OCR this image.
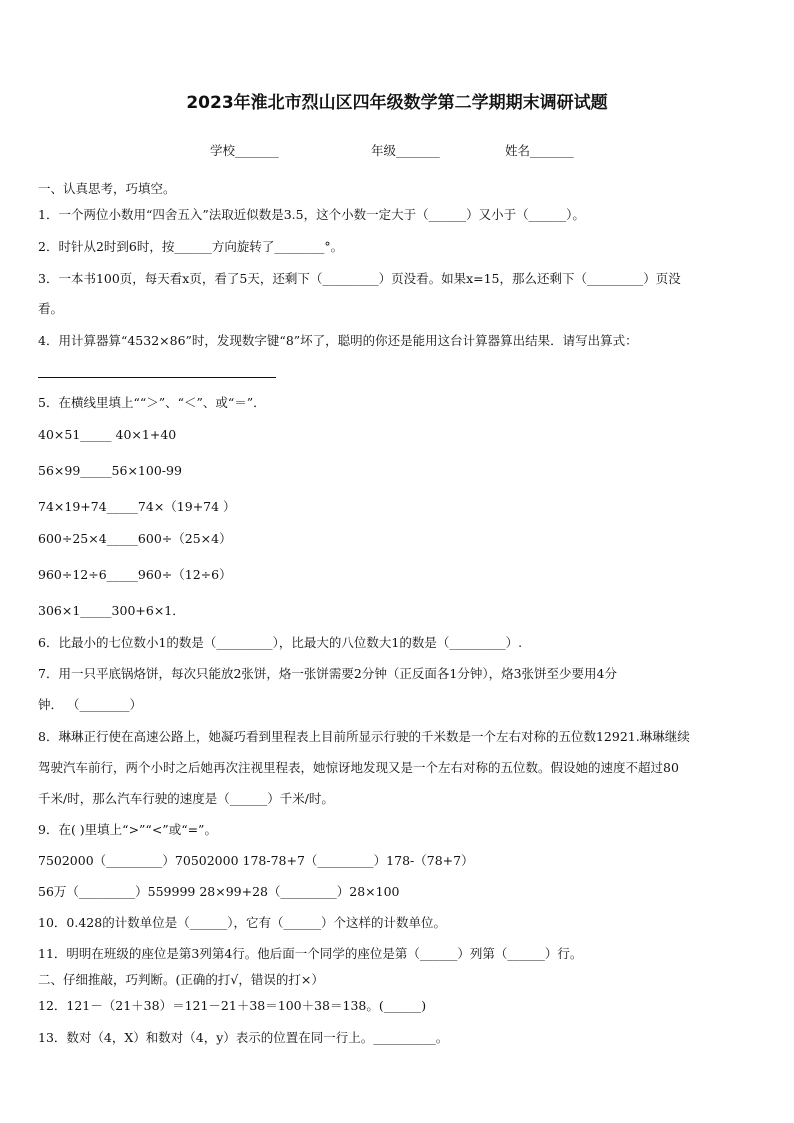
2023年淮北市烈山区四年级数学第二学期期末调研试题
学校_______	年级_______	姓名_______
一、认真思考，巧填空。
1．一个两位小数用“四舍五入”法取近似数是3.5，这个小数一定大于（______）又小于（______）。
2．时针从2时到6时，按______方向旋转了________°。
3．一本书100页，每天看x页，看了5天，还剩下（_________）页没看。如果x=15，那么还剩下（_________）页没
看。
4．用计算器算“4532×86”时，发现数字键“8”坏了，聪明的你还是能用这台计算器算出结果．请写出算式：
5．在横线里填上““＞”、“＜”、或“＝”．
40×51_____ 40×1+40
56×99_____56×100-99
74×19+74_____74×（19+74 ）
600÷25×4_____600÷（25×4）
960÷12÷6_____960÷（12÷6）
306×1_____300+6×1．
6．比最小的七位数小1的数是（_________），比最大的八位数大1的数是（_________）.
7．用一只平底锅烙饼，每次只能放2张饼，烙一张饼需要2分钟（正反面各1分钟），烙3张饼至少要用4分
钟． （________）
8．琳琳正行使在高速公路上，她凝巧看到里程表上目前所显示行驶的千米数是一个左右对称的五位数12921.琳琳继续
驾驶汽车前行，两个小时之后她再次注视里程表，她惊讶地发现又是一个左右对称的五位数。假设她的速度不超过80
千米/时，那么汽车行驶的速度是（______）千米/时。
9．在( )里填上“>”“<”或“=”。
7502000（_________）70502000 178-78+7（_________）178-（78+7）
56万（_________）559999 28×99+28（_________）28×100
10．0.428的计数单位是（______），它有（______）个这样的计数单位。
11．明明在班级的座位是第3列第4行。他后面一个同学的座位是第（______）列第（______）行。
二、仔细推敲，巧判断。(正确的打√，错误的打×）
12．121－（21＋38）＝121－21＋38＝100＋38＝138。(______)
13．数对（4，X）和数对（4，y）表示的位置在同一行上。__________。
